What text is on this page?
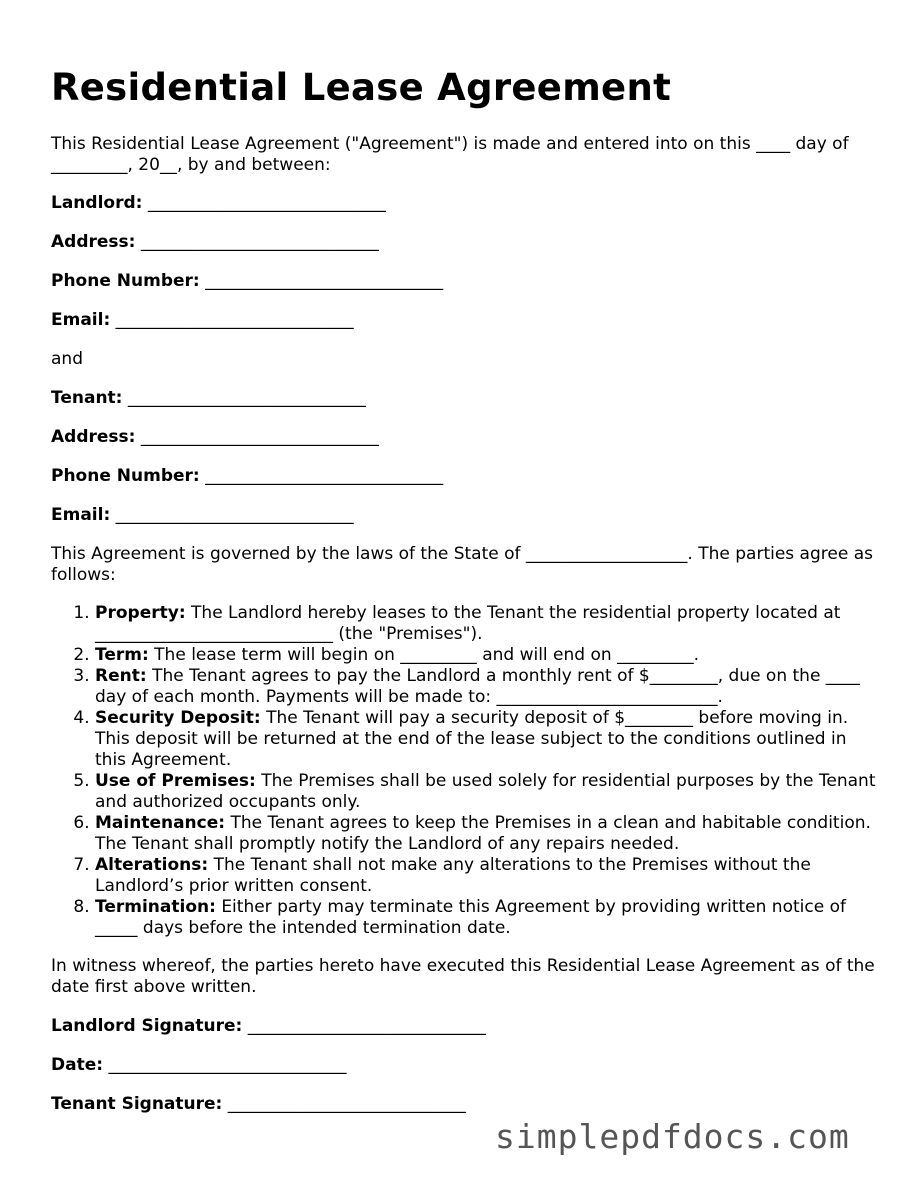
Residential Lease Agreement

This Residential Lease Agreement ("Agreement") is made and entered into on this ____ day of _________, 20__, by and between:

Landlord: ____________________________

Address: ____________________________

Phone Number: ____________________________

Email: ____________________________

and

Tenant: ____________________________

Address: ____________________________

Phone Number: ____________________________

Email: ____________________________

This Agreement is governed by the laws of the State of ___________________. The parties agree as follows:

1. Property: The Landlord hereby leases to the Tenant the residential property located at ____________________________ (the "Premises").
2. Term: The lease term will begin on _________ and will end on _________.
3. Rent: The Tenant agrees to pay the Landlord a monthly rent of $________, due on the ____ day of each month. Payments will be made to: __________________________.
4. Security Deposit: The Tenant will pay a security deposit of $________ before moving in. This deposit will be returned at the end of the lease subject to the conditions outlined in this Agreement.
5. Use of Premises: The Premises shall be used solely for residential purposes by the Tenant and authorized occupants only.
6. Maintenance: The Tenant agrees to keep the Premises in a clean and habitable condition. The Tenant shall promptly notify the Landlord of any repairs needed.
7. Alterations: The Tenant shall not make any alterations to the Premises without the Landlord’s prior written consent.
8. Termination: Either party may terminate this Agreement by providing written notice of _____ days before the intended termination date.

In witness whereof, the parties hereto have executed this Residential Lease Agreement as of the date first above written.

Landlord Signature: ____________________________

Date: ____________________________

Tenant Signature: ____________________________

simplepdfdocs.com
